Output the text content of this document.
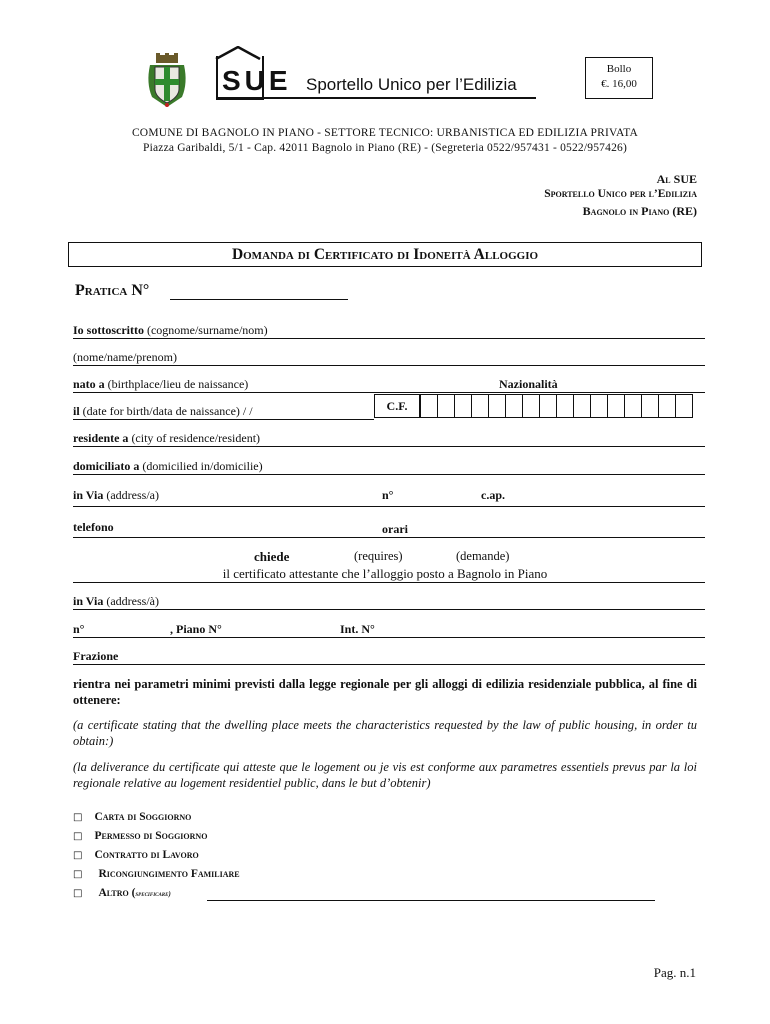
SUE Sportello Unico per l’Edilizia
Bollo
€. 16,00
COMUNE DI BAGNOLO IN PIANO - SETTORE TECNICO: URBANISTICA ED EDILIZIA PRIVATA
Piazza Garibaldi, 5/1 - Cap. 42011 Bagnolo in Piano (RE) - (Segreteria 0522/957431 - 0522/957426)
Al SUE
Sportello Unico per l’Edilizia
Bagnolo in Piano (RE)
Domanda di Certificato di Idoneità Alloggio
Pratica N°
Io sottoscritto (cognome/surname/nom)
(nome/name/prenom)
nato a (birthplace/lieu de naissance)	Nazionalità
il (date for birth/data de naissance) / /	C.F.
residente a (city of residence/resident)
domiciliato a (domicilied in/domicilie)
in Via (address/a)	n°	c.ap.
telefono	orari
chiede	(requires)	(demande)
il certificato attestante che l’alloggio posto a Bagnolo in Piano
in Via (address/à)
n°	, Piano N°	Int. N°
Frazione
rientra nei parametri minimi previsti dalla legge regionale per gli alloggi di edilizia residenziale pubblica, al fine di ottenere:
(a certificate stating that the dwelling place meets the characteristics requested by the law of public housing, in order tu obtain:)
(la deliverance du certificate qui atteste que le logement ou je vis est conforme aux parametres essentiels prevus par la loi regionale relative au logement residentiel public, dans le but d’obtenir)
□ Carta di Soggiorno
□ Permesso di Soggiorno
□ Contratto di Lavoro
□ Ricongiungimento Familiare
□ Altro (specificare)
Pag. n.1
